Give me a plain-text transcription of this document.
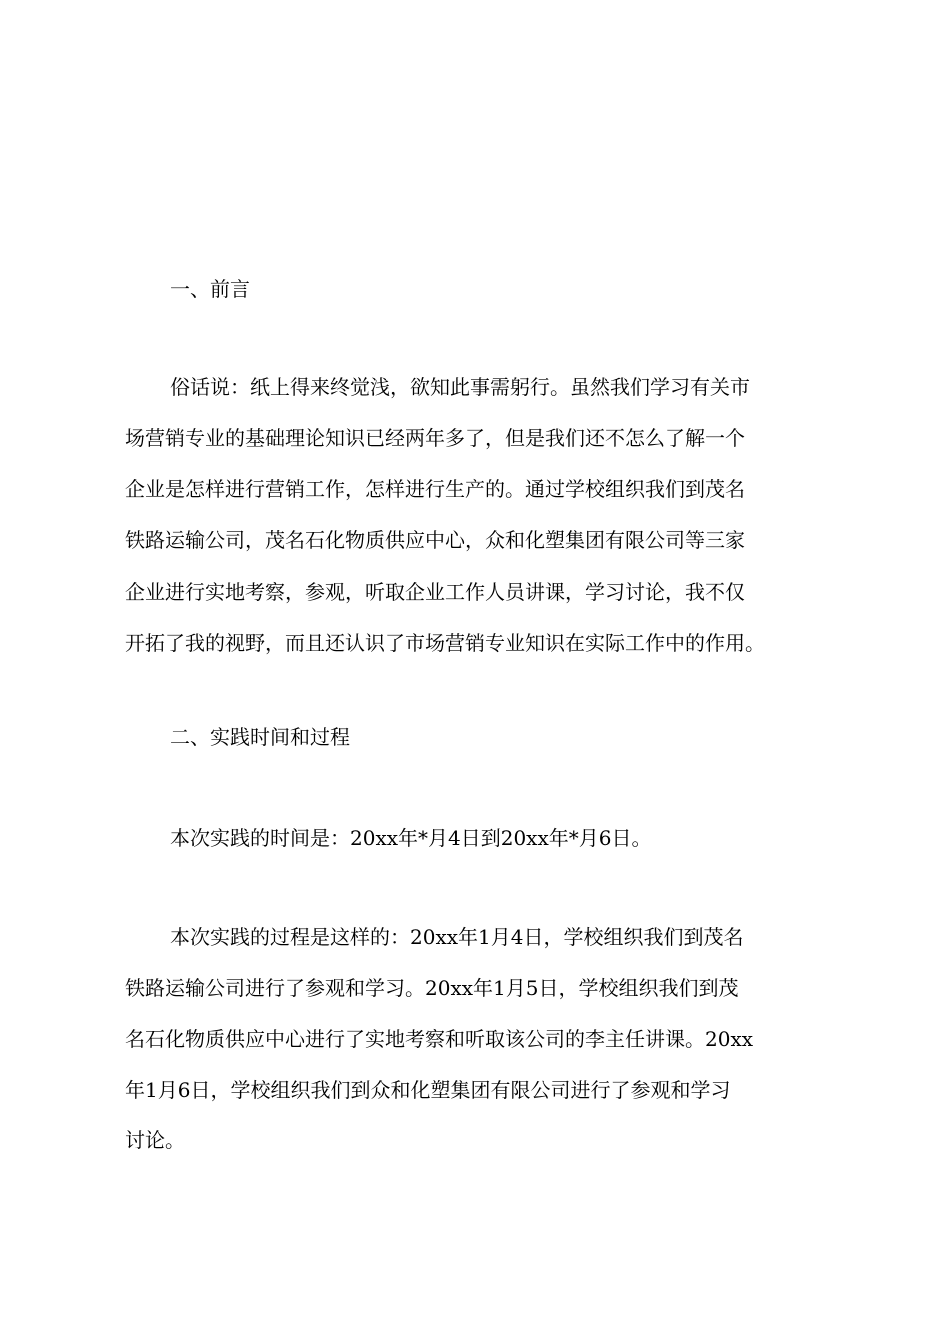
一、前言
俗话说：纸上得来终觉浅，欲知此事需躬行。虽然我们学习有关市
场营销专业的基础理论知识已经两年多了，但是我们还不怎么了解一个
企业是怎样进行营销工作，怎样进行生产的。通过学校组织我们到茂名
铁路运输公司，茂名石化物质供应中心，众和化塑集团有限公司等三家
企业进行实地考察，参观，听取企业工作人员讲课，学习讨论，我不仅
开拓了我的视野，而且还认识了市场营销专业知识在实际工作中的作用。
二、实践时间和过程
本次实践的时间是：20xx年*月4日到20xx年*月6日。
本次实践的过程是这样的：20xx年1月4日，学校组织我们到茂名
铁路运输公司进行了参观和学习。20xx年1月5日，学校组织我们到茂
名石化物质供应中心进行了实地考察和听取该公司的李主任讲课。20xx
年1月6日，学校组织我们到众和化塑集团有限公司进行了参观和学习
讨论。
